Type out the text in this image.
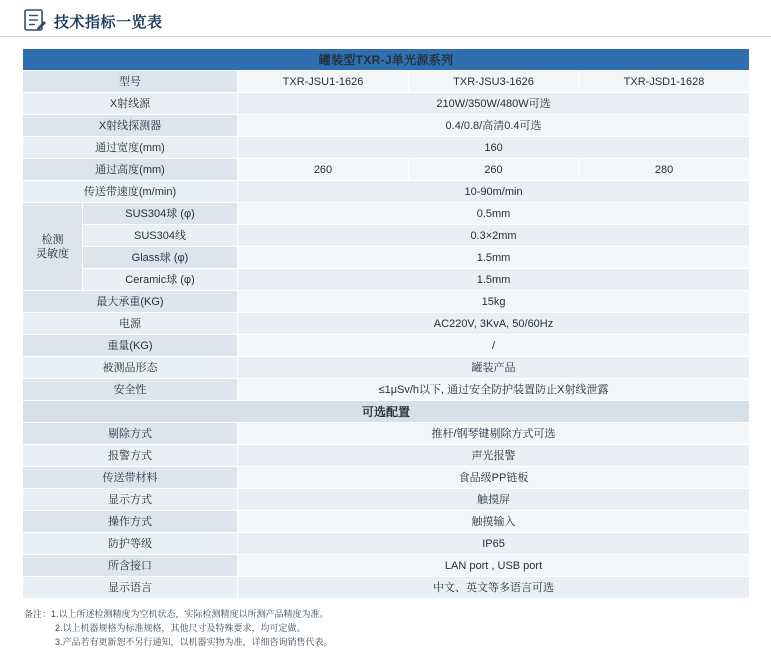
技术指标一览表
罐装型TXR-J单光源系列				
型号		TXR-JSU1-1626	TXR-JSU3-1626	TXR-JSD1-1628
X射线源		210W/350W/480W可选		
X射线探测器		0.4/0.8/高清0.4可选		
通过宽度(mm)		160		
通过高度(mm)		260	260	280
传送带速度(m/min)		10-90m/min		
检测
灵敏度	SUS304球 (φ)	0.5mm		
	SUS304线	0.3×2mm		
	Glass球 (φ)	1.5mm		
	Ceramic球 (φ)	1.5mm		
最大承重(KG)		15kg		
电源		AC220V, 3KvA, 50/60Hz		
重量(KG)		/		
被测品形态		罐装产品		
安全性		≤1μSv/h以下, 通过安全防护装置防止X射线泄露		
可选配置				
剔除方式		推杆/钢琴键剔除方式可选		
报警方式		声光报警		
传送带材料		食品级PP链板		
显示方式		触摸屏		
操作方式		触摸输入		
防护等级		IP65		
所含接口		LAN port , USB port		
显示语言		中文、英文等多语言可选		
备注：1.以上所述检测精度为空机状态，实际检测精度以所测产品精度为准。
2.以上机器规格为标准规格，其他尺寸及特殊要求，均可定做。
3.产品若有更新恕不另行通知，以机器实物为准，详细咨询销售代表。
